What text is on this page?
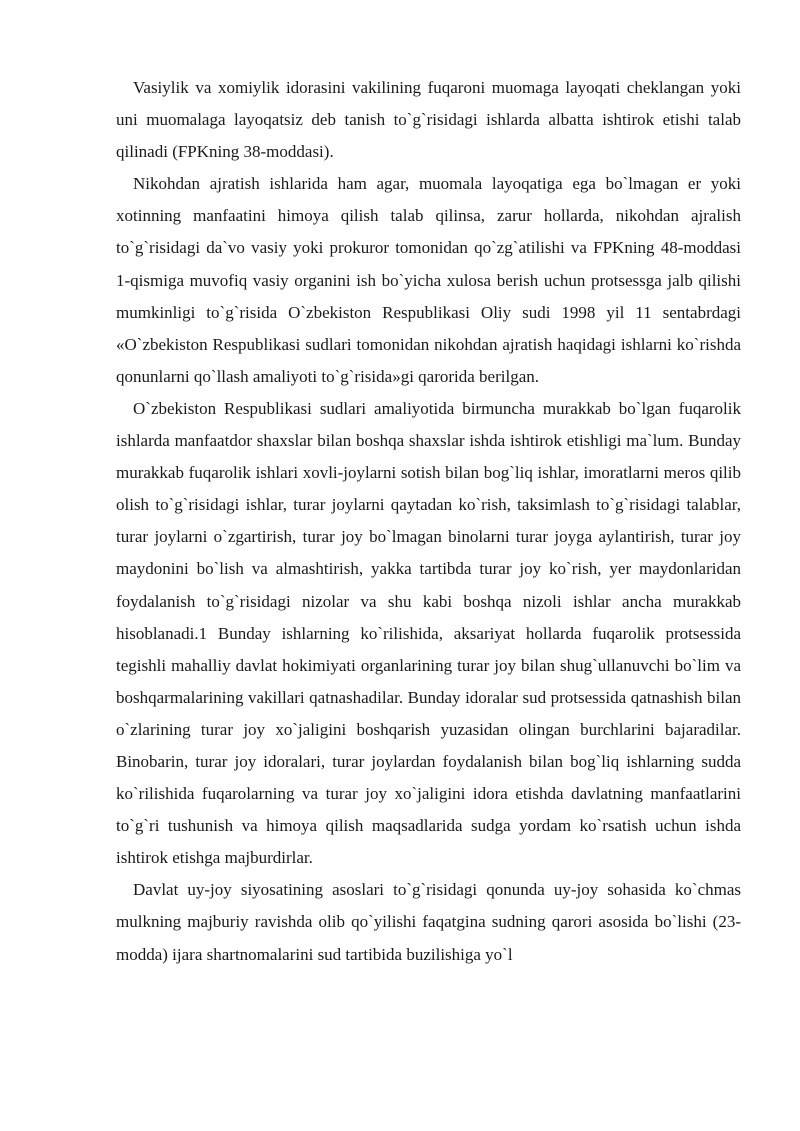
Vasiylik va xomiylik idorasini vakilining fuqaroni muomaga layoqati cheklangan yoki uni muomalaga layoqatsiz deb tanish to`g`risidagi ishlarda albatta ishtirok etishi talab qilinadi (FPKning 38-moddasi).

Nikohdan ajratish ishlarida ham agar, muomala layoqatiga ega bo`lmagan er yoki xotinning manfaatini himoya qilish talab qilinsa, zarur hollarda, nikohdan ajralish to`g`risidagi da`vo vasiy yoki prokuror tomonidan qo`zg`atilishi va FPKning 48-moddasi 1-qismiga muvofiq vasiy organini ish bo`yicha xulosa berish uchun protsessga jalb qilishi mumkinligi to`g`risida O`zbekiston Respublikasi Oliy sudi 1998 yil 11 sentabrdagi «O`zbekiston Respublikasi sudlari tomonidan nikohdan ajratish haqidagi ishlarni ko`rishda qonunlarni qo`llash amaliyoti to`g`risida»gi qarorida berilgan.

O`zbekiston Respublikasi sudlari amaliyotida birmuncha murakkab bo`lgan fuqarolik ishlarda manfaatdor shaxslar bilan boshqa shaxslar ishda ishtirok etishligi ma`lum. Bunday murakkab fuqarolik ishlari xovli-joylarni sotish bilan bog`liq ishlar, imoratlarni meros qilib olish to`g`risidagi ishlar, turar joylarni qaytadan ko`rish, taksimlash to`g`risidagi talablar, turar joylarni o`zgartirish, turar joy bo`lmagan binolarni turar joyga aylantirish, turar joy maydonini bo`lish va almashtirish, yakka tartibda turar joy ko`rish, yer maydonlaridan foydalanish to`g`risidagi nizolar va shu kabi boshqa nizoli ishlar ancha murakkab hisoblanadi.1 Bunday ishlarning ko`rilishida, aksariyat hollarda fuqarolik protsessida tegishli mahalliy davlat hokimiyati organlarining turar joy bilan shug`ullanuvchi bo`lim va boshqarmalarining vakillari qatnashadilar. Bunday idoralar sud protsessida qatnashish bilan o`zlarining turar joy xo`jaligini boshqarish yuzasidan olingan burchlarini bajaradilar. Binobarin, turar joy idoralari, turar joylardan foydalanish bilan bog`liq ishlarning sudda ko`rilishida fuqarolarning va turar joy xo`jaligini idora etishda davlatning manfaatlarini to`g`ri tushunish va himoya qilish maqsadlarida sudga yordam ko`rsatish uchun ishda ishtirok etishga majburdirlar.

Davlat uy-joy siyosatining asoslari to`g`risidagi qonunda uy-joy sohasida ko`chmas mulkning majburiy ravishda olib qo`yilishi faqatgina sudning qarori asosida bo`lishi (23-modda) ijara shartnomalarini sud tartibida buzilishiga yo`l
